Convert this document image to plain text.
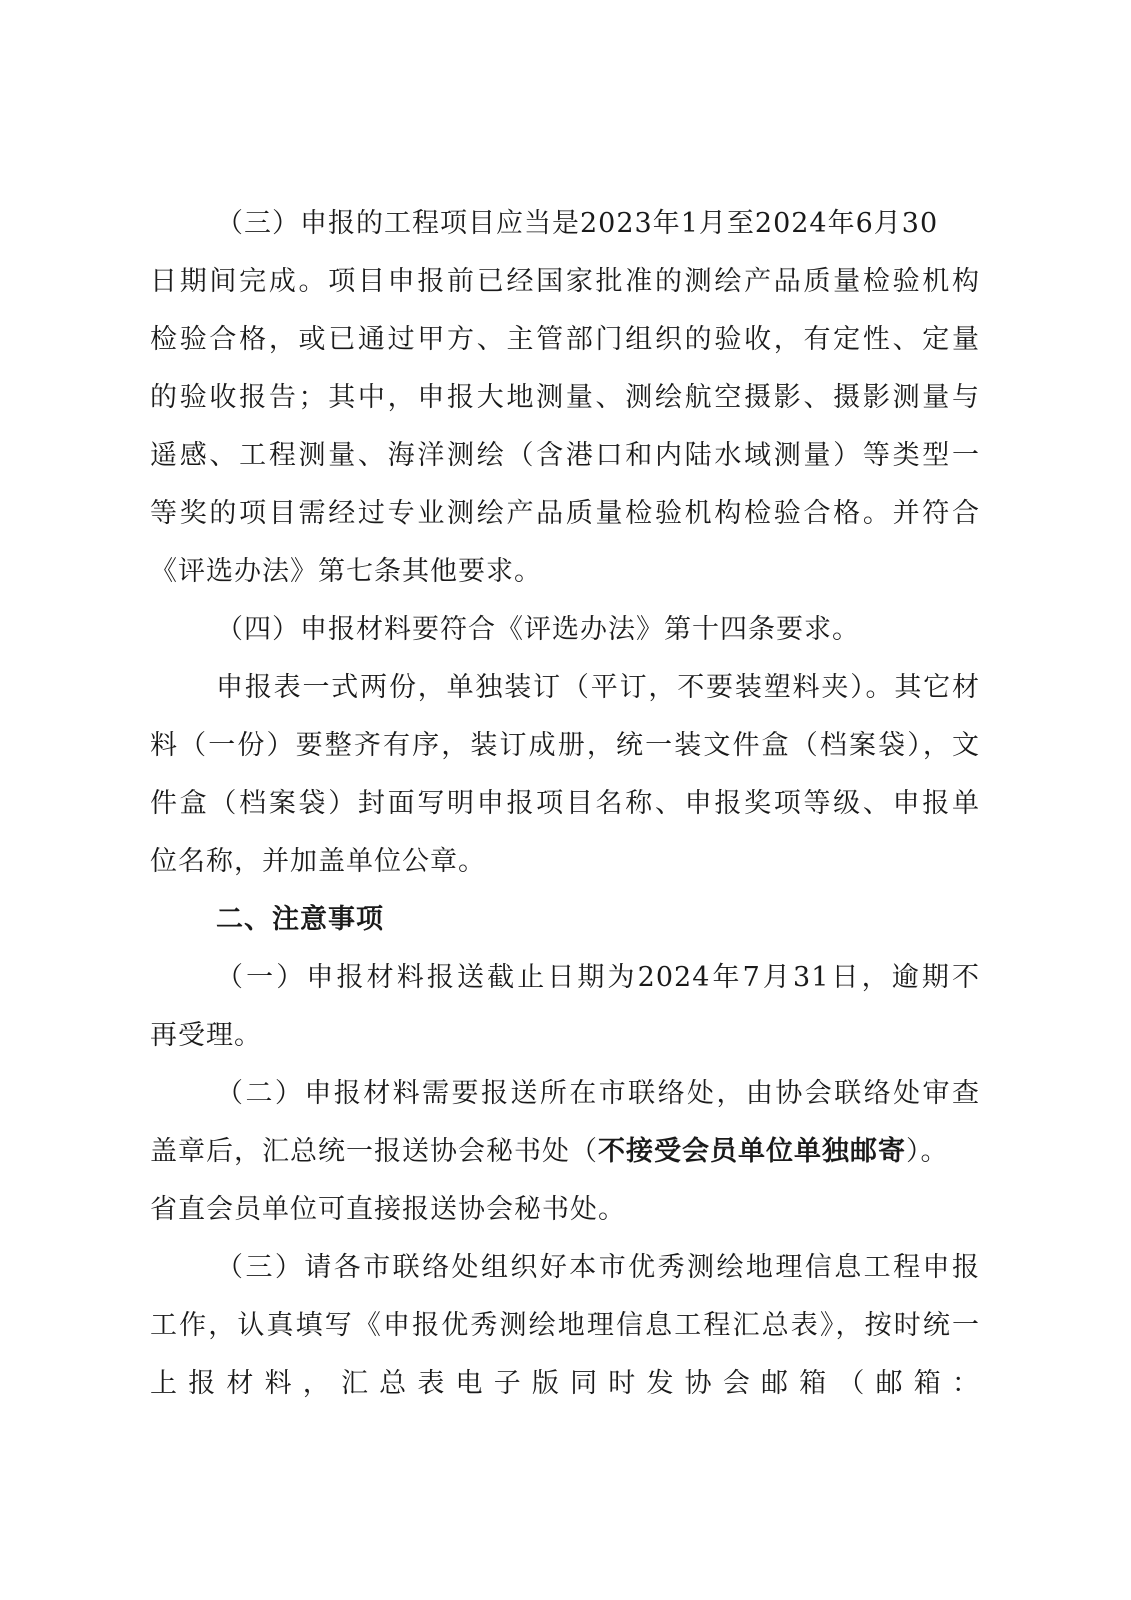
（三）申报的工程项目应当是2023年1月至2024年6月30
日期间完成。项目申报前已经国家批准的测绘产品质量检验机构
检验合格，或已通过甲方、主管部门组织的验收，有定性、定量
的验收报告；其中，申报大地测量、测绘航空摄影、摄影测量与
遥感、工程测量、海洋测绘（含港口和内陆水域测量）等类型一
等奖的项目需经过专业测绘产品质量检验机构检验合格。并符合
《评选办法》第七条其他要求。
（四）申报材料要符合《评选办法》第十四条要求。
申报表一式两份，单独装订（平订，不要装塑料夹）。其它材
料（一份）要整齐有序，装订成册，统一装文件盒（档案袋），文
件盒（档案袋）封面写明申报项目名称、申报奖项等级、申报单
位名称，并加盖单位公章。
二、注意事项
（一）申报材料报送截止日期为2024年7月31日，逾期不
再受理。
（二）申报材料需要报送所在市联络处，由协会联络处审查
盖章后，汇总统一报送协会秘书处（不接受会员单位单独邮寄）。
省直会员单位可直接报送协会秘书处。
（三）请各市联络处组织好本市优秀测绘地理信息工程申报
工作，认真填写《申报优秀测绘地理信息工程汇总表》，按时统一
上报材料，汇总表电子版同时发协会邮箱（邮箱：
